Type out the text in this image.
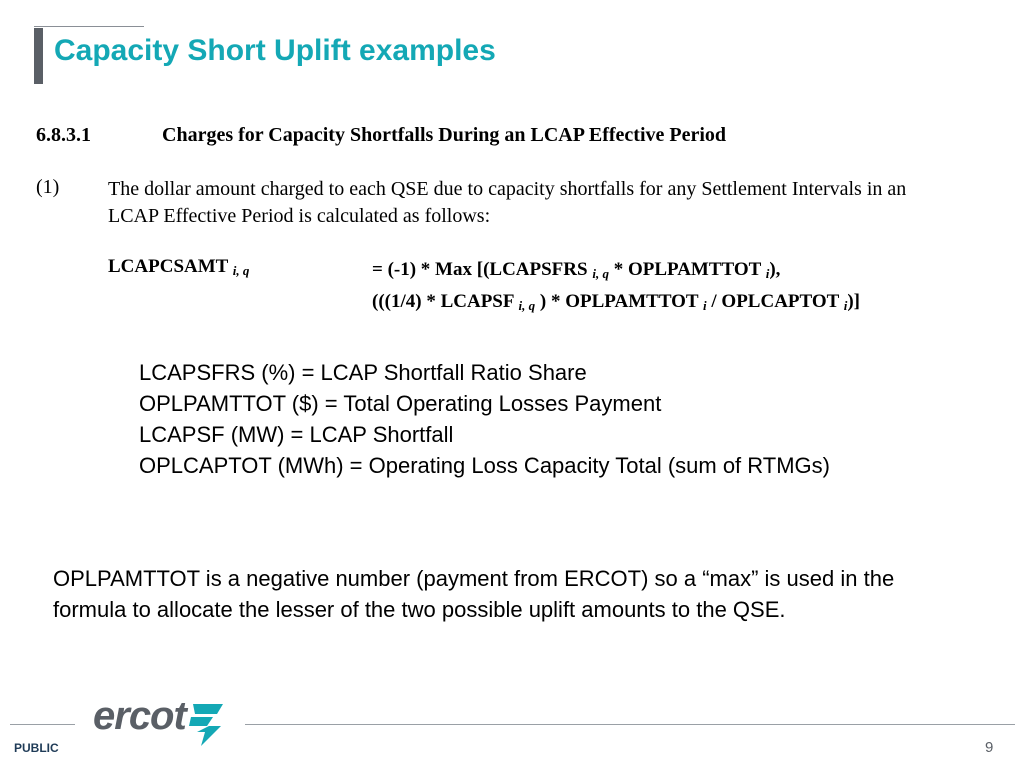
Capacity Short Uplift examples
6.8.3.1	Charges for Capacity Shortfalls During an LCAP Effective Period
(1) The dollar amount charged to each QSE due to capacity shortfalls for any Settlement Intervals in an LCAP Effective Period is calculated as follows:

LCAPCSAMT $_{i, q}$	= (-1) * Max [(LCAPSFRS $_{i, q}$ * OPLPAMTTOT $_i$),
(((1/4) * LCAPSF $_{i, q}$ ) * OPLPAMTTOT $_i$ / OPLCAPTOT $_i$)]
LCAPSFRS (%) = LCAP Shortfall Ratio Share
OPLPAMTTOT ($) = Total Operating Losses Payment
LCAPSF (MW) = LCAP Shortfall
OPLCAPTOT (MWh) = Operating Loss Capacity Total (sum of RTMGs)

OPLPAMTTOT is a negative number (payment from ERCOT) so a “max” is used in the formula to allocate the lesser of the two possible uplift amounts to the QSE.

ercot
PUBLIC	9
